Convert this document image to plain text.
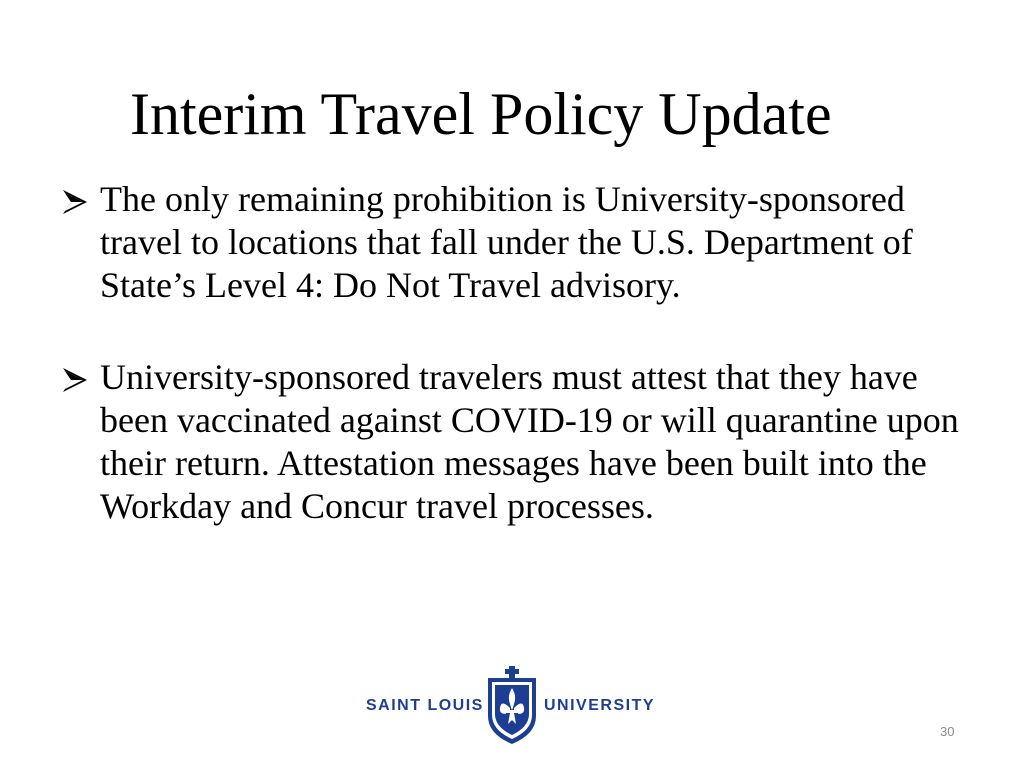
Interim Travel Policy Update
The only remaining prohibition is University-sponsored travel to locations that fall under the U.S. Department of State’s Level 4: Do Not Travel advisory.
University-sponsored travelers must attest that they have been vaccinated against COVID-19 or will quarantine upon their return. Attestation messages have been built into the Workday and Concur travel processes.
SAINT LOUIS	UNIVERSITY
30
